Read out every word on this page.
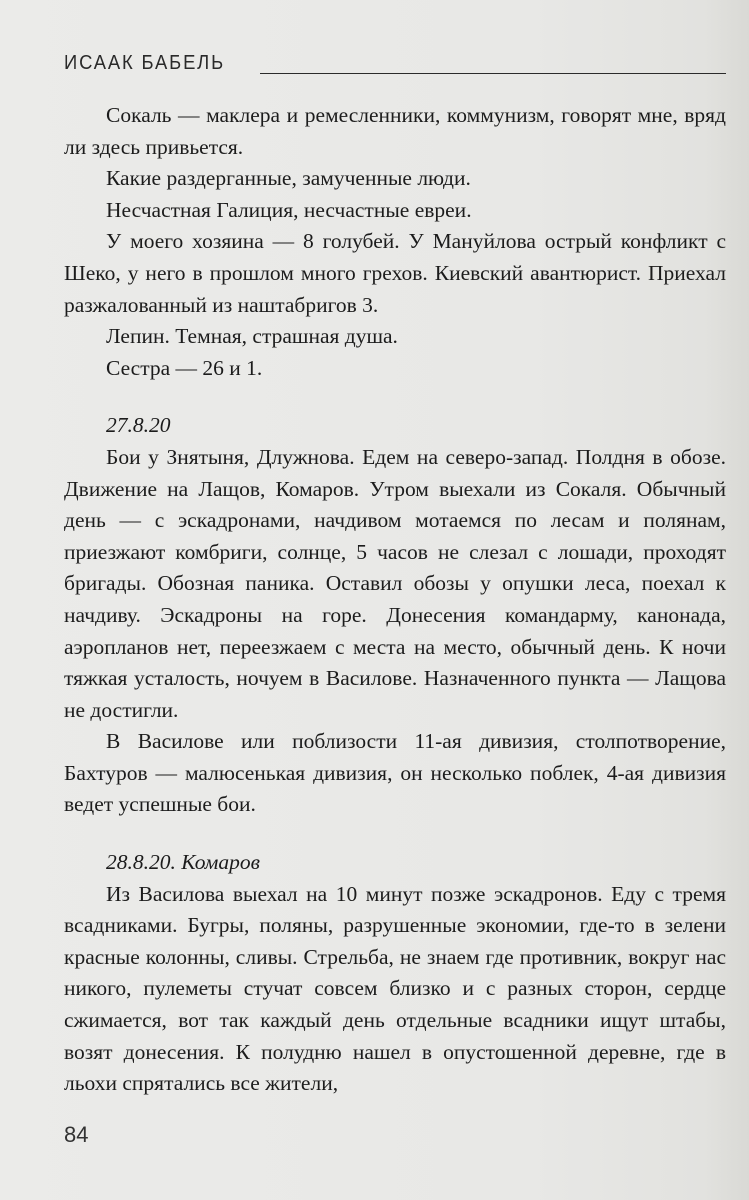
ИСААК БАБЕЛЬ

Сокаль — маклера и ремесленники, коммунизм, говорят мне, вряд ли здесь привьется.

Какие раздерганные, замученные люди.

Несчастная Галиция, несчастные евреи.

У моего хозяина — 8 голубей. У Мануйлова острый конфликт с Шеко, у него в прошлом много грехов. Киевский авантюрист. Приехал разжалованный из наштабригов 3.

Лепин. Темная, страшная душа.

Сестра — 26 и 1.

27.8.20

Бои у Знятыня, Длужнова. Едем на северо-запад. Полдня в обозе. Движение на Лащов, Комаров. Утром выехали из Сокаля. Обычный день — с эскадронами, начдивом мотаемся по лесам и полянам, приезжают комбриги, солнце, 5 часов не слезал с лошади, проходят бригады. Обозная паника. Оставил обозы у опушки леса, поехал к начдиву. Эскадроны на горе. Донесения командарму, канонада, аэропланов нет, переезжаем с места на место, обычный день. К ночи тяжкая усталость, ночуем в Василове. Назначенного пункта — Лащова не достигли.

В Василове или поблизости 11-ая дивизия, столпотворение, Бахтуров — малюсенькая дивизия, он несколько поблек, 4-ая дивизия ведет успешные бои.

28.8.20. Комаров

Из Василова выехал на 10 минут позже эскадронов. Еду с тремя всадниками. Бугры, поляны, разрушенные экономии, где-то в зелени красные колонны, сливы. Стрельба, не знаем где противник, вокруг нас никого, пулеметы стучат совсем близко и с разных сторон, сердце сжимается, вот так каждый день отдельные всадники ищут штабы, возят донесения. К полудню нашел в опустошенной деревне, где в льохи спрятались все жители,

84
